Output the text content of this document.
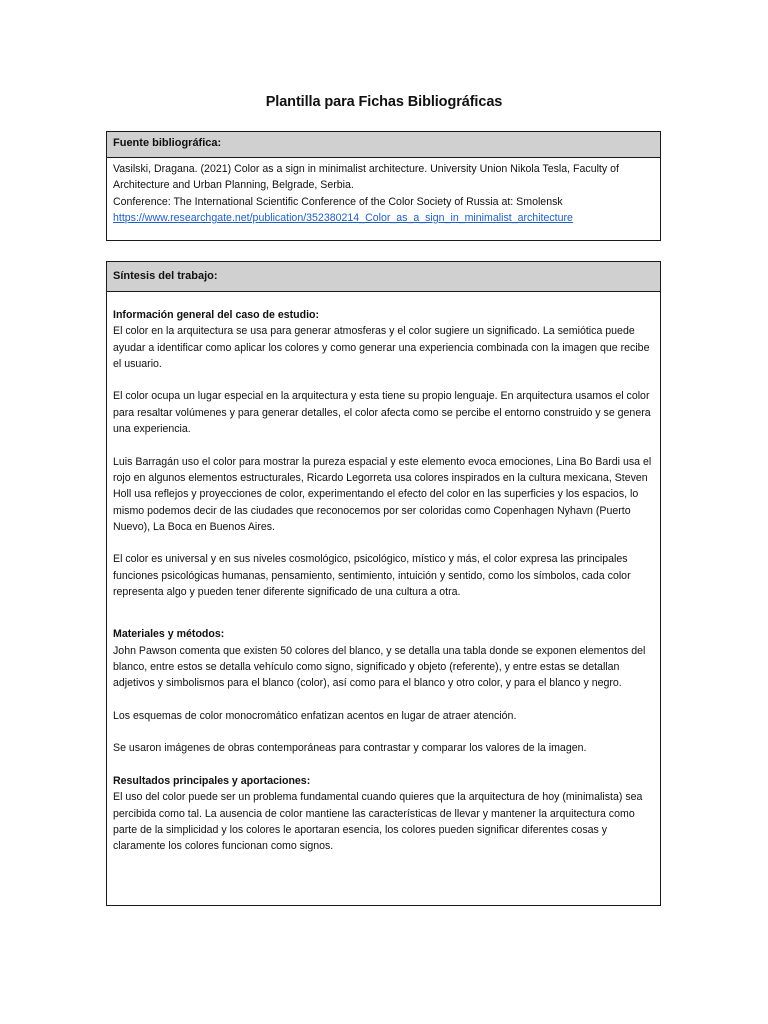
Plantilla para Fichas Bibliográficas
Fuente bibliográfica:

Vasilski, Dragana. (2021) Color as a sign in minimalist architecture. University Union Nikola Tesla, Faculty of Architecture and Urban Planning, Belgrade, Serbia.

Conference: The International Scientific Conference of the Color Society of Russia at: Smolensk

https://www.researchgate.net/publication/352380214_Color_as_a_sign_in_minimalist_architecture

Síntesis del trabajo:
Información general del caso de estudio:

El color en la arquitectura se usa para generar atmosferas y el color sugiere un significado. La semiótica puede ayudar a identificar como aplicar los colores y como generar una experiencia combinada con la imagen que recibe el usuario.

El color ocupa un lugar especial en la arquitectura y esta tiene su propio lenguaje. En arquitectura usamos el color para resaltar volúmenes y para generar detalles, el color afecta como se percibe el entorno construido y se genera una experiencia.

Luis Barragán uso el color para mostrar la pureza espacial y este elemento evoca emociones, Lina Bo Bardi usa el rojo en algunos elementos estructurales, Ricardo Legorreta usa colores inspirados en la cultura mexicana, Steven Holl usa reflejos y proyecciones de color, experimentando el efecto del color en las superficies y los espacios, lo mismo podemos decir de las ciudades que reconocemos por ser coloridas como Copenhagen Nyhavn (Puerto Nuevo), La Boca en Buenos Aires.

El color es universal y en sus niveles cosmológico, psicológico, místico y más, el color expresa las principales funciones psicológicas humanas, pensamiento, sentimiento, intuición y sentido, como los símbolos, cada color representa algo y pueden tener diferente significado de una cultura a otra.

Materiales y métodos:

John Pawson comenta que existen 50 colores del blanco, y se detalla una tabla donde se exponen elementos del blanco, entre estos se detalla vehículo como signo, significado y objeto (referente), y entre estas se detallan adjetivos y simbolismos para el blanco (color), así como para el blanco y otro color, y para el blanco y negro.

Los esquemas de color monocromático enfatizan acentos en lugar de atraer atención.

Se usaron imágenes de obras contemporáneas para contrastar y comparar los valores de la imagen.

Resultados principales y aportaciones:

El uso del color puede ser un problema fundamental cuando quieres que la arquitectura de hoy (minimalista) sea percibida como tal. La ausencia de color mantiene las características de llevar y mantener la arquitectura como parte de la simplicidad y los colores le aportaran esencia, los colores pueden significar diferentes cosas y claramente los colores funcionan como signos.
